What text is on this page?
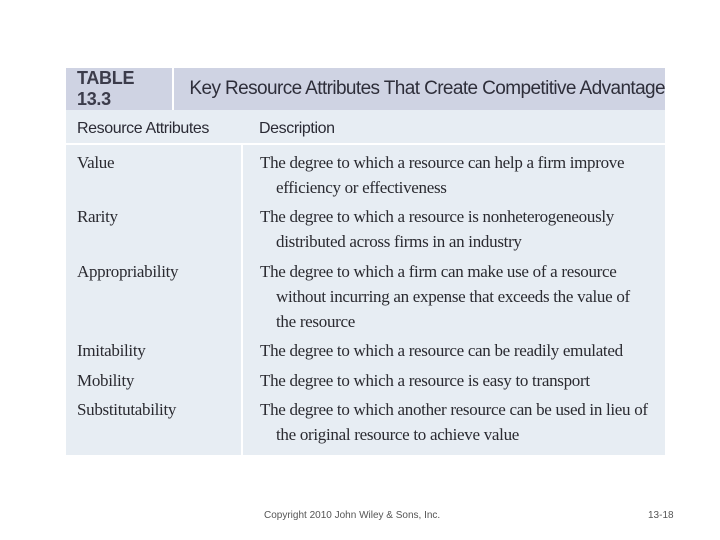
TABLE 13.3	Key Resource Attributes That Create Competitive Advantage
Resource Attributes	Description
Value	The degree to which a resource can help a firm improve
efficiency or effectiveness
Rarity	The degree to which a resource is nonheterogeneously
distributed across firms in an industry
Appropriability	The degree to which a firm can make use of a resource
without incurring an expense that exceeds the value of
the resource
Imitability	The degree to which a resource can be readily emulated
Mobility	The degree to which a resource is easy to transport
Substitutability	The degree to which another resource can be used in lieu of
the original resource to achieve value
Copyright 2010 John Wiley & Sons, Inc.	13-18
